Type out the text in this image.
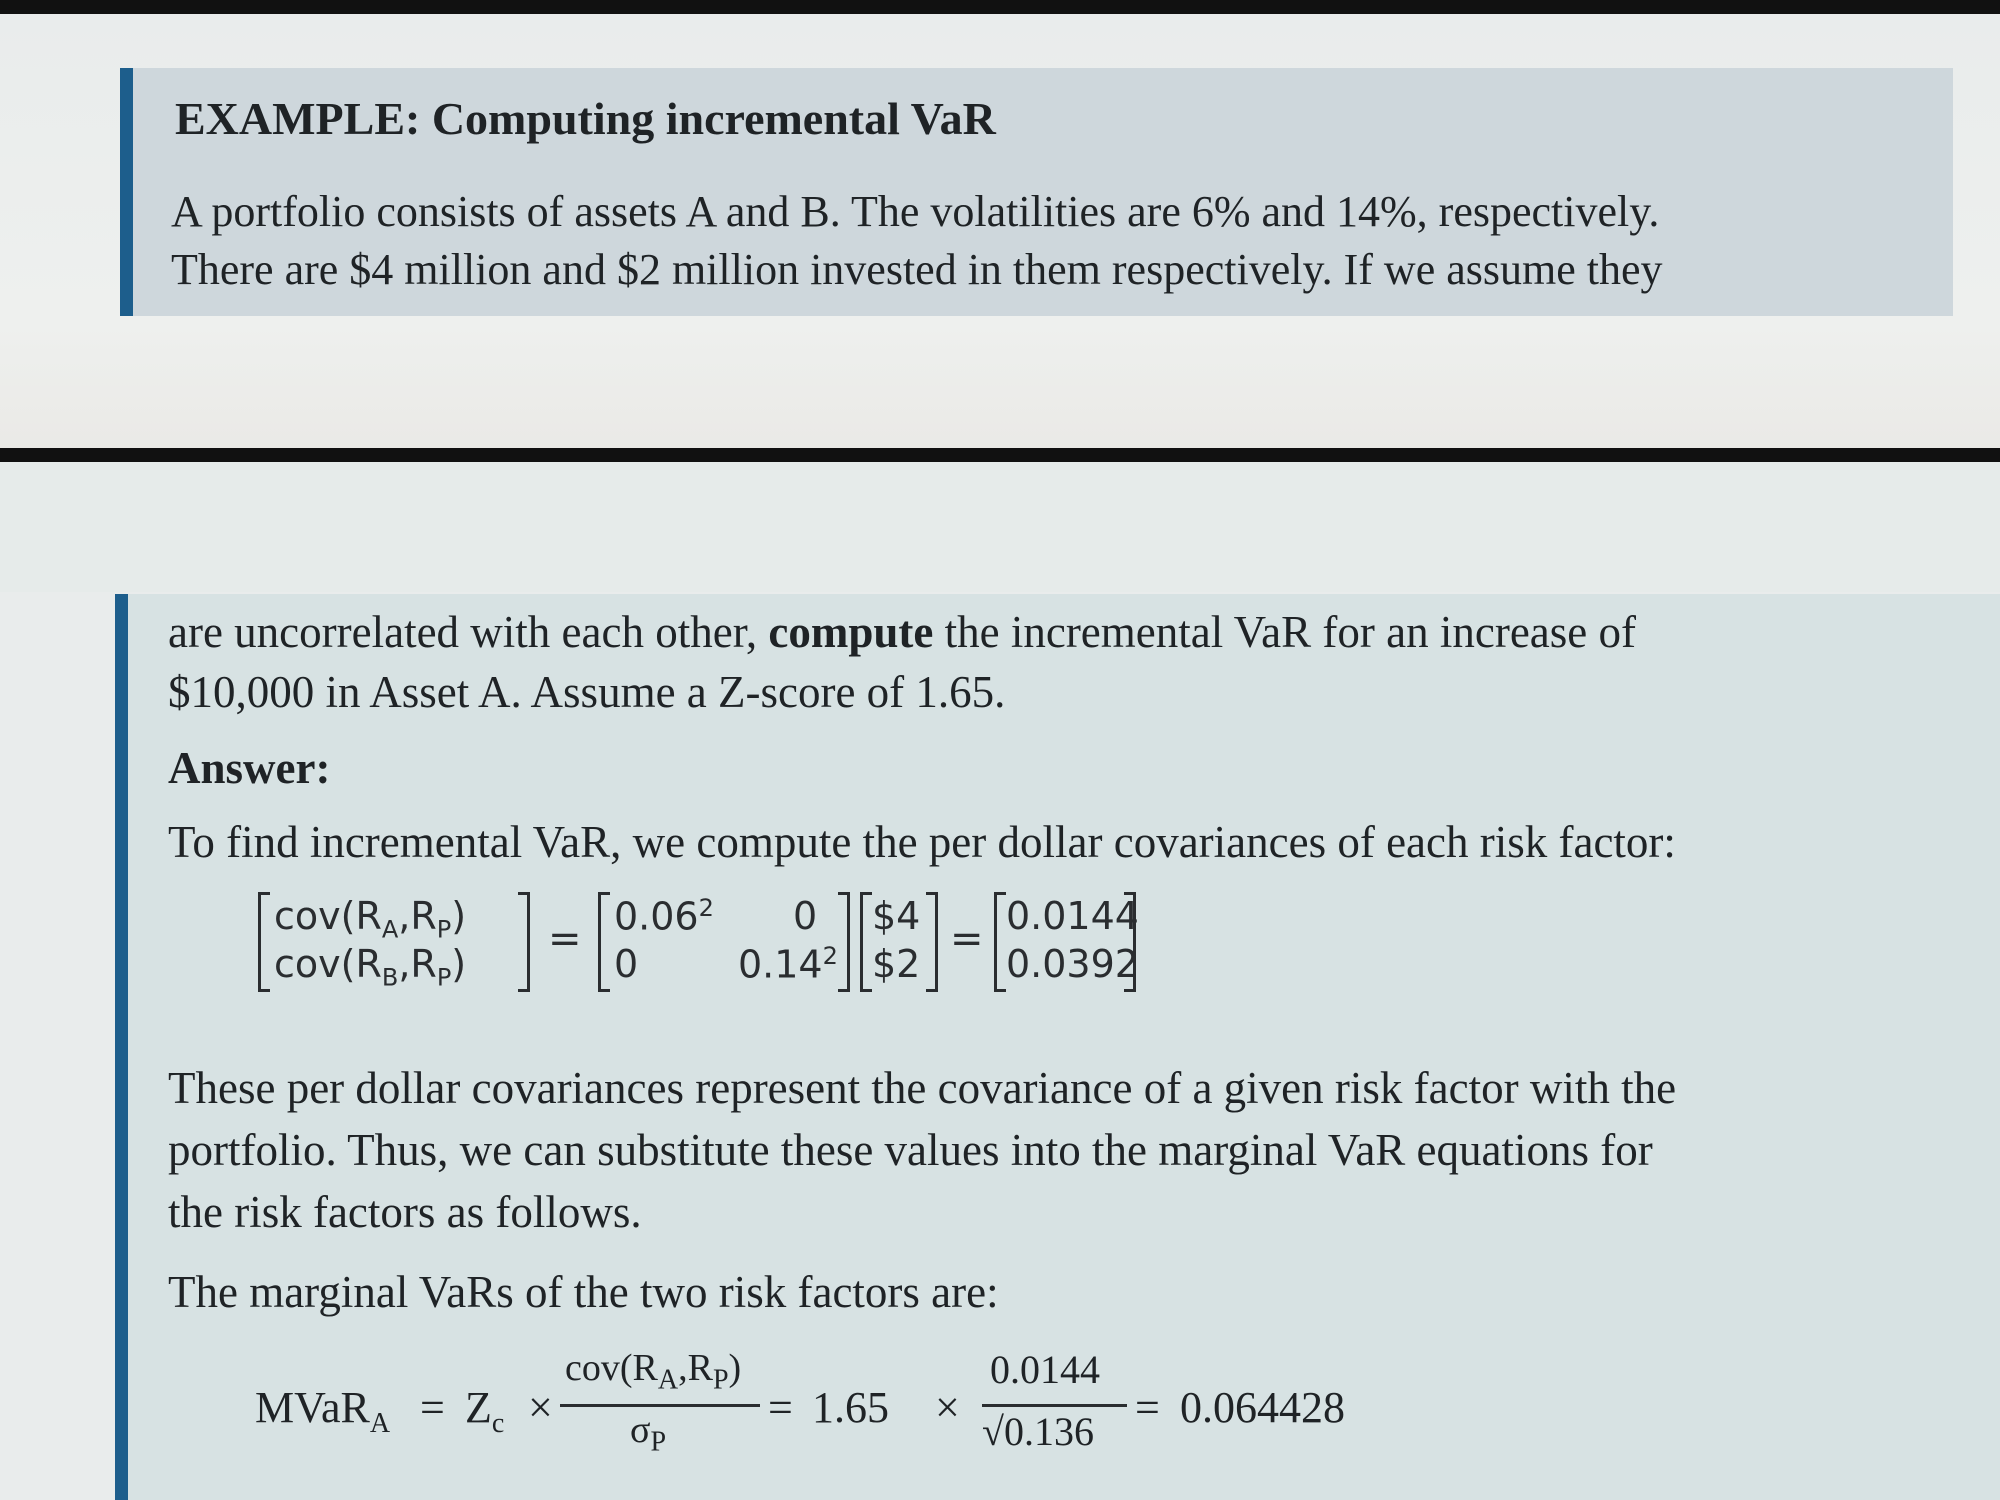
EXAMPLE: Computing incremental VaR
A portfolio consists of assets A and B. The volatilities are 6% and 14%, respectively.
There are $4 million and $2 million invested in them respectively. If we assume they
are uncorrelated with each other, compute the incremental VaR for an increase of
$10,000 in Asset A. Assume a Z-score of 1.65.
Answer:
To find incremental VaR, we compute the per dollar covariances of each risk factor:
$cov(R_A,R_P)$
$cov(R_B,R_P)$
= $0.06^2$ 0
0	0.14$^2$
$4
$2
= 0.0144
0.0392
These per dollar covariances represent the covariance of a given risk factor with the
portfolio. Thus, we can substitute these values into the marginal VaR equations for
the risk factors as follows.
The marginal VaRs of the two risk factors are:
MVaR$_A$ = $Z_c$ ×
$cov(R_A,R_P)$
$\sigma_P$
= 1.65 ×
0.0144
√0.136 = 0.064428
